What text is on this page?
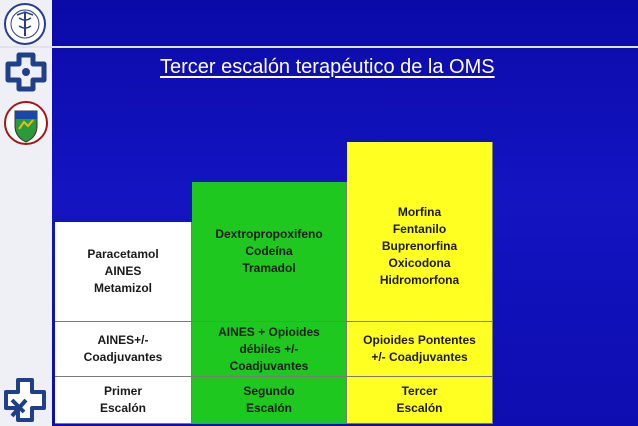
Tercer escalón terapéutico de la OMS
Paracetamol
AINES
Metamizol
Dextropropoxifeno
Codeína
Tramadol
Morfina
Fentanilo
Buprenorfina
Oxicodona
Hidromorfona
AINES+/-
Coadjuvantes
AINES + Opioides
débiles +/-
Coadjuvantes
Opioides Pontentes
+/- Coadjuvantes
Primer
Escalón
Segundo
Escalón
Tercer
Escalón
